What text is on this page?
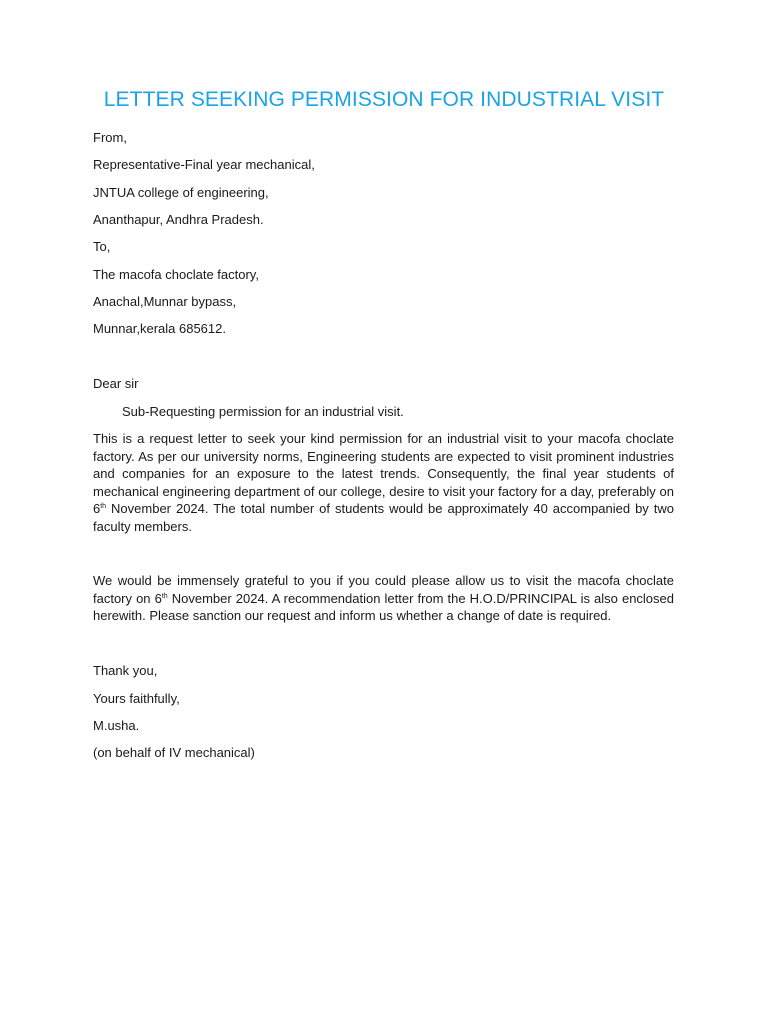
LETTER SEEKING PERMISSION FOR INDUSTRIAL VISIT
From,
Representative-Final year mechanical,
JNTUA college of engineering,
Ananthapur, Andhra Pradesh.
To,
The macofa choclate factory,
Anachal,Munnar bypass,
Munnar,kerala 685612.
Dear sir
Sub-Requesting permission for an industrial visit.

This is a request letter to seek your kind permission for an industrial visit to your macofa choclate factory. As per our university norms, Engineering students are expected to visit prominent industries and companies for an exposure to the latest trends. Consequently, the final year students of mechanical engineering department of our college, desire to visit your factory for a day, preferably on 6th November 2024. The total number of students would be approximately 40 accompanied by two faculty members.

We would be immensely grateful to you if you could please allow us to visit the macofa choclate factory on 6th November 2024. A recommendation letter from the H.O.D/PRINCIPAL is also enclosed herewith. Please sanction our request and inform us whether a change of date is required.

Thank you,
Yours faithfully,
M.usha.
(on behalf of IV mechanical)
